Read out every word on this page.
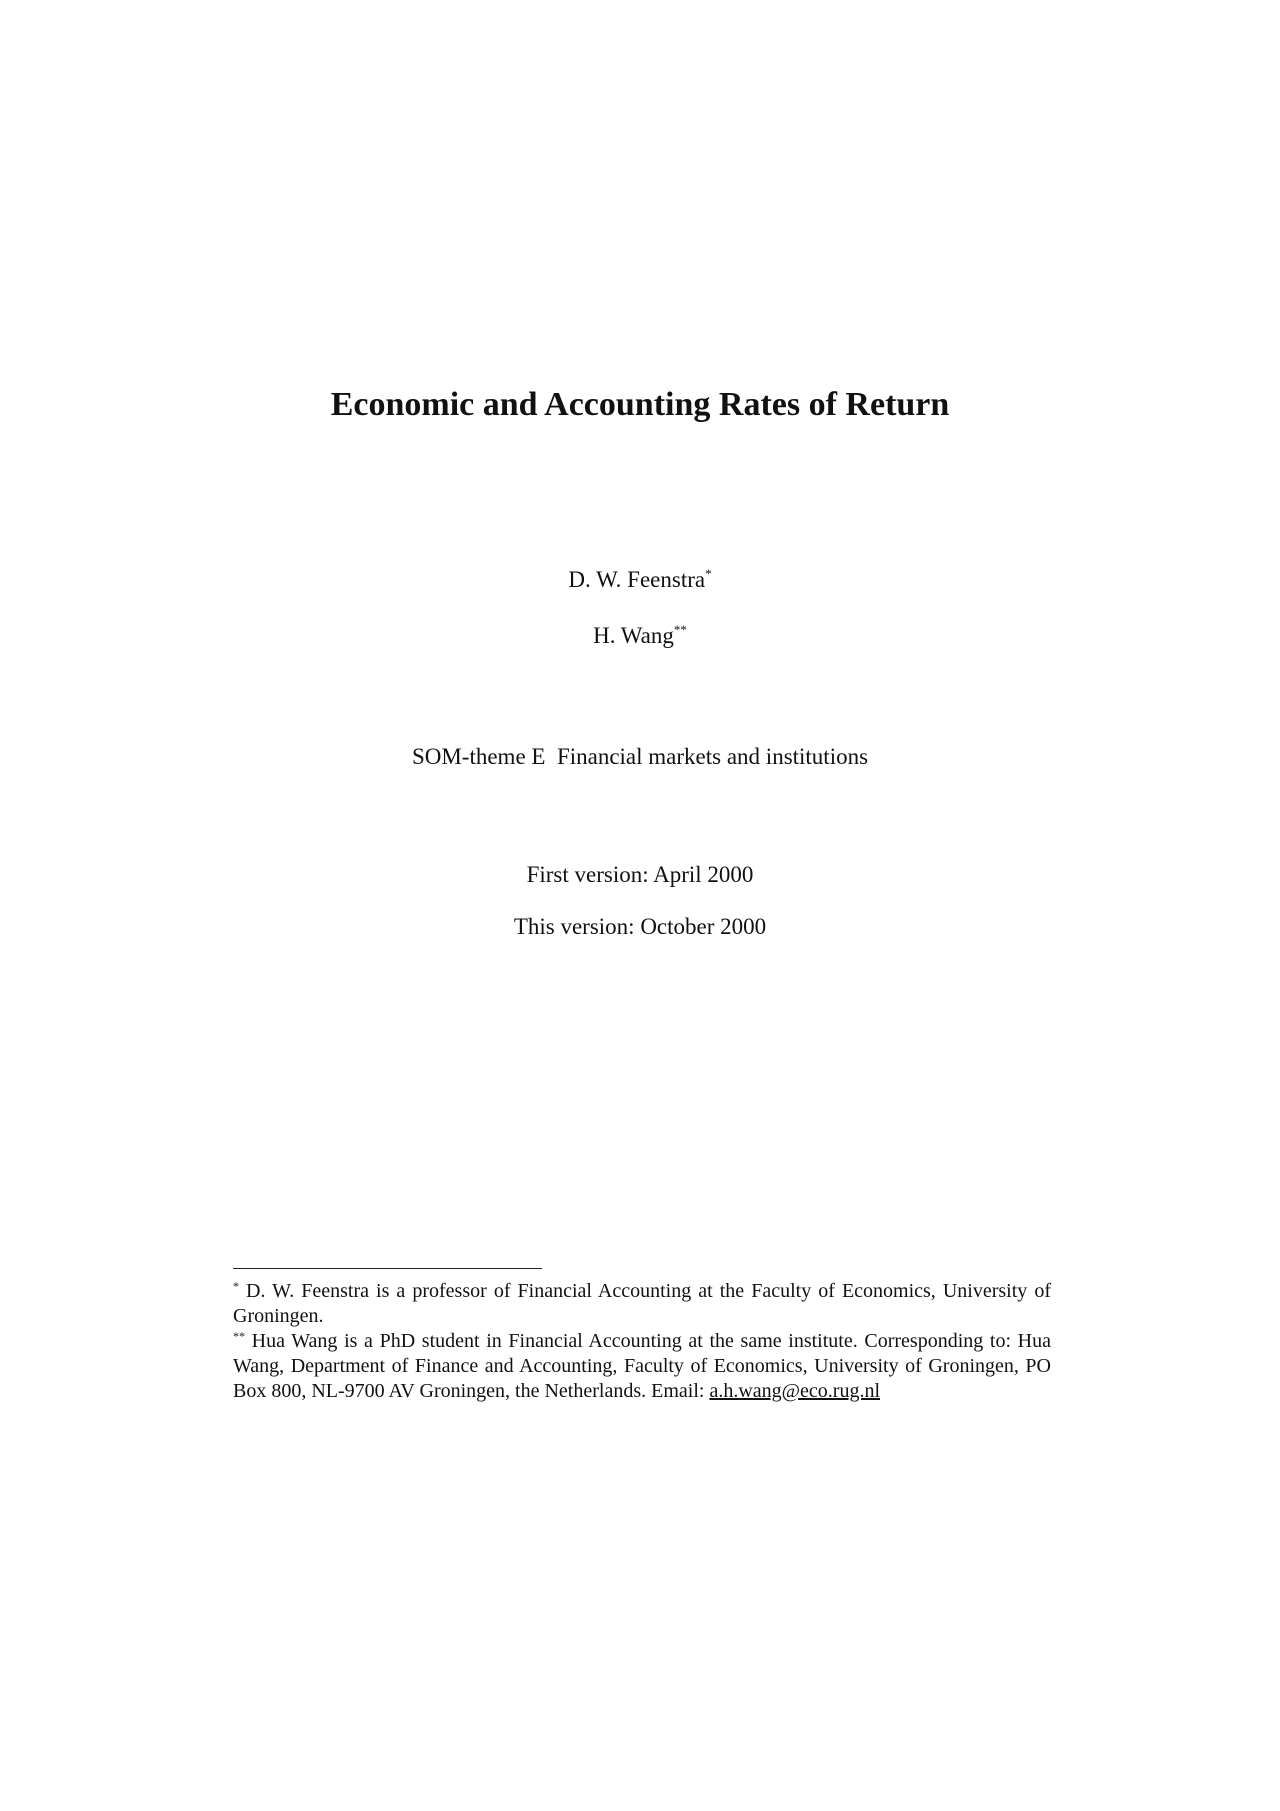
Economic and Accounting Rates of Return
D. W. Feenstra*
H. Wang**
SOM-theme E  Financial markets and institutions
First version: April 2000
This version: October 2000

* D. W. Feenstra is a professor of Financial Accounting at the Faculty of Economics, University of Groningen.

** Hua Wang is a PhD student in Financial Accounting at the same institute. Corresponding to: Hua Wang, Department of Finance and Accounting, Faculty of Economics, University of Groningen, PO Box 800, NL-9700 AV Groningen, the Netherlands. Email: a.h.wang@eco.rug.nl
